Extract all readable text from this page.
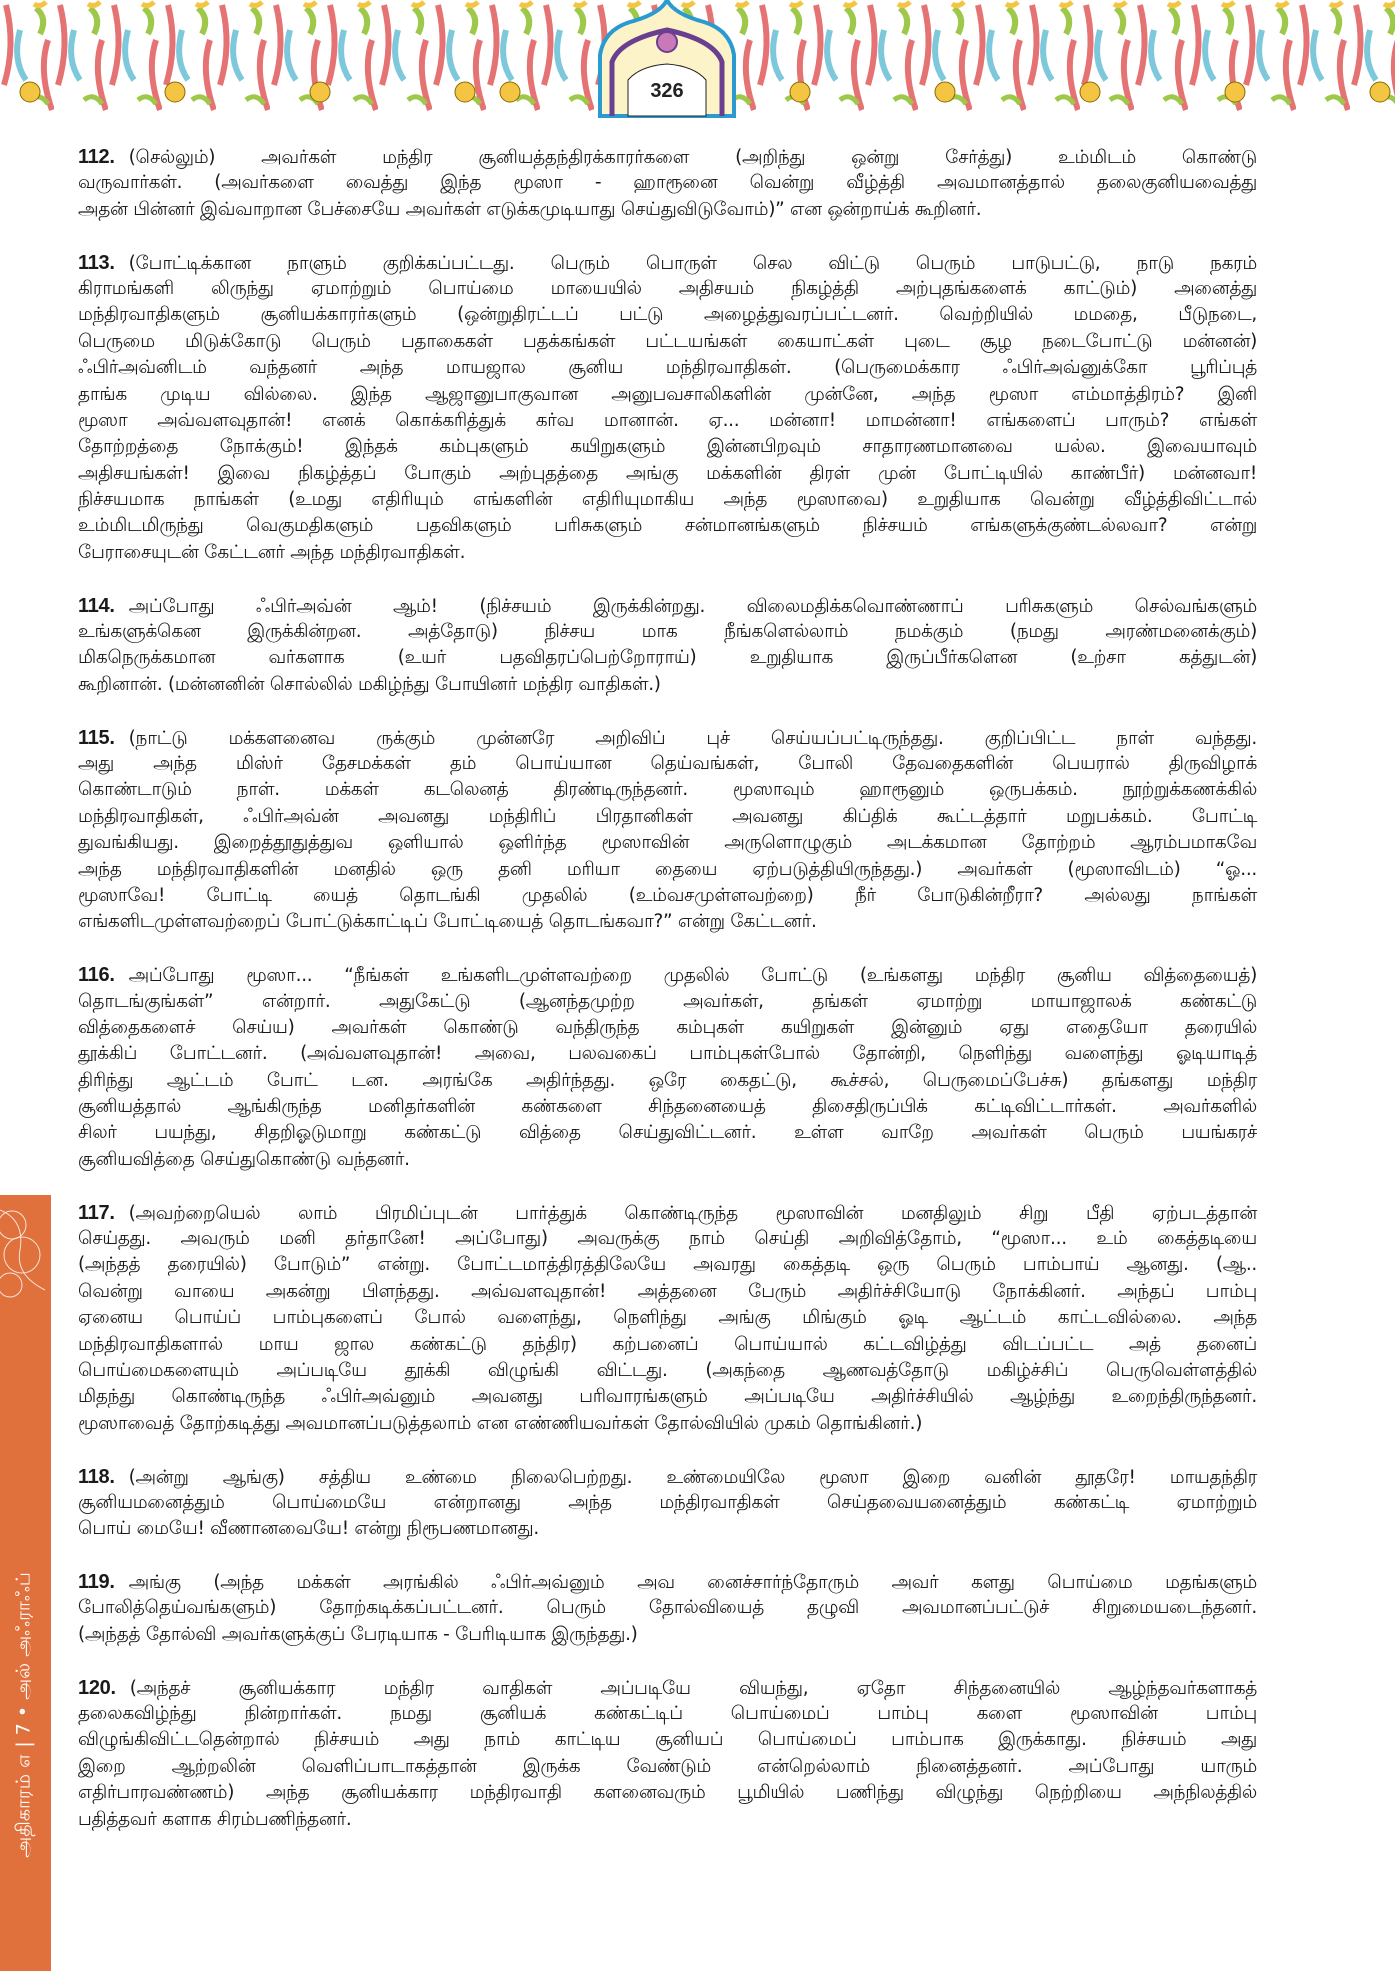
326
அதிகாரம் ௭ | 7 • அல் அஃராஃப்
112. (செல்லும்) அவர்கள் மந்திர சூனியத்தந்திரக்காரர்களை (அறிந்து ஒன்று சேர்த்து) உம்மிடம் கொண்டு
வருவார்கள். (அவர்களை வைத்து இந்த மூஸா - ஹாரூனை வென்று வீழ்த்தி அவமானத்தால் தலைகுனியவைத்து
அதன் பின்னர் இவ்வாறான பேச்சையே அவர்கள் எடுக்கமுடியாது செய்துவிடுவோம்)” என ஒன்றாய்க் கூறினர்.
113. (போட்டிக்கான நாளும் குறிக்கப்பட்டது. பெரும் பொருள் செல விட்டு பெரும் பாடுபட்டு, நாடு நகரம்
கிராமங்களி லிருந்து ஏமாற்றும் பொய்மை மாயையில் அதிசயம் நிகழ்த்தி அற்புதங்களைக் காட்டும்) அனைத்து
மந்திரவாதிகளும் சூனியக்காரர்களும் (ஒன்றுதிரட்டப் பட்டு அழைத்துவரப்பட்டனர். வெற்றியில் மமதை, பீடுநடை,
பெருமை மிடுக்கோடு பெரும் பதாகைகள் பதக்கங்கள் பட்டயங்கள் கையாட்கள் புடை சூழ நடைபோட்டு மன்னன்)
ஃபிர்அவ்னிடம் வந்தனர் அந்த மாயஜால சூனிய மந்திரவாதிகள். (பெருமைக்கார ஃபிர்அவ்னுக்கோ பூரிப்புத்
தாங்க முடிய வில்லை. இந்த ஆஜானுபாகுவான அனுபவசாலிகளின் முன்னே, அந்த மூஸா எம்மாத்திரம்? இனி
மூஸா அவ்வளவுதான்! எனக் கொக்கரித்துக் கர்வ மானான். ஏ... மன்னா! மாமன்னா! எங்களைப் பாரும்? எங்கள்
தோற்றத்தை நோக்கும்! இந்தக் கம்புகளும் கயிறுகளும் இன்னபிறவும் சாதாரணமானவை யல்ல. இவையாவும்
அதிசயங்கள்! இவை நிகழ்த்தப் போகும் அற்புதத்தை அங்கு மக்களின் திரள் முன் போட்டியில் காண்பீர்) மன்னவா!
நிச்சயமாக நாங்கள் (உமது எதிரியும் எங்களின் எதிரியுமாகிய அந்த மூஸாவை) உறுதியாக வென்று வீழ்த்திவிட்டால்
உம்மிடமிருந்து வெகுமதிகளும் பதவிகளும் பரிசுகளும் சன்மானங்களும் நிச்சயம் எங்களுக்குண்டல்லவா? என்று
பேராசையுடன் கேட்டனர் அந்த மந்திரவாதிகள்.
114. அப்போது ஃபிர்அவ்ன் ஆம்! (நிச்சயம் இருக்கின்றது. விலைமதிக்கவொண்ணாப் பரிசுகளும் செல்வங்களும்
உங்களுக்கென இருக்கின்றன. அத்தோடு) நிச்சய மாக நீங்களெல்லாம் நமக்கும் (நமது அரண்மனைக்கும்)
மிகநெருக்கமான வர்களாக (உயர் பதவிதரப்பெற்றோராய்) உறுதியாக இருப்பீர்களென (உற்சா கத்துடன்)
கூறினான். (மன்னனின் சொல்லில் மகிழ்ந்து போயினர் மந்திர வாதிகள்.)
115. (நாட்டு மக்களனைவ ருக்கும் முன்னரே அறிவிப் புச் செய்யப்பட்டிருந்தது. குறிப்பிட்ட நாள் வந்தது.
அது அந்த மிஸ்ர் தேசமக்கள் தம் பொய்யான தெய்வங்கள், போலி தேவதைகளின் பெயரால் திருவிழாக்
கொண்டாடும் நாள். மக்கள் கடலெனத் திரண்டிருந்தனர். மூஸாவும் ஹாரூனும் ஒருபக்கம். நூற்றுக்கணக்கில்
மந்திரவாதிகள், ஃபிர்அவ்ன் அவனது மந்திரிப் பிரதானிகள் அவனது கிப்திக் கூட்டத்தார் மறுபக்கம். போட்டி
துவங்கியது. இறைத்தூதுத்துவ ஒளியால் ஒளிர்ந்த மூஸாவின் அருளொழுகும் அடக்கமான தோற்றம் ஆரம்பமாகவே
அந்த மந்திரவாதிகளின் மனதில் ஒரு தனி மரியா தையை ஏற்படுத்தியிருந்தது.) அவர்கள் (மூஸாவிடம்) “ஓ...
மூஸாவே! போட்டி யைத் தொடங்கி முதலில் (உம்வசமுள்ளவற்றை) நீர் போடுகின்றீரா? அல்லது நாங்கள்
எங்களிடமுள்ளவற்றைப் போட்டுக்காட்டிப் போட்டியைத் தொடங்கவா?” என்று கேட்டனர்.
116. அப்போது மூஸா... “நீங்கள் உங்களிடமுள்ளவற்றை முதலில் போட்டு (உங்களது மந்திர சூனிய வித்தையைத்)
தொடங்குங்கள்” என்றார். அதுகேட்டு (ஆனந்தமுற்ற அவர்கள், தங்கள் ஏமாற்று மாயாஜாலக் கண்கட்டு
வித்தைகளைச் செய்ய) அவர்கள் கொண்டு வந்திருந்த கம்புகள் கயிறுகள் இன்னும் ஏது எதையோ தரையில்
தூக்கிப் போட்டனர். (அவ்வளவுதான்! அவை, பலவகைப் பாம்புகள்போல் தோன்றி, நெளிந்து வளைந்து ஓடியாடித்
திரிந்து ஆட்டம் போட் டன. அரங்கே அதிர்ந்தது. ஒரே கைதட்டு, கூச்சல், பெருமைப்பேச்சு) தங்களது மந்திர
சூனியத்தால் ஆங்கிருந்த மனிதர்களின் கண்களை சிந்தனையைத் திசைதிருப்பிக் கட்டிவிட்டார்கள். அவர்களில்
சிலர் பயந்து, சிதறிஓடுமாறு கண்கட்டு வித்தை செய்துவிட்டனர். உள்ள வாறே அவர்கள் பெரும் பயங்கரச்
சூனியவித்தை செய்துகொண்டு வந்தனர்.
117. (அவற்றையெல் லாம் பிரமிப்புடன் பார்த்துக் கொண்டிருந்த மூஸாவின் மனதிலும் சிறு பீதி ஏற்படத்தான்
செய்தது. அவரும் மனி தர்தானே! அப்போது) அவருக்கு நாம் செய்தி அறிவித்தோம், “மூஸா... உம் கைத்தடியை
(அந்தத் தரையில்) போடும்” என்று. போட்டமாத்திரத்திலேயே அவரது கைத்தடி ஒரு பெரும் பாம்பாய் ஆனது. (ஆ..
வென்று வாயை அகன்று பிளந்தது. அவ்வளவுதான்! அத்தனை பேரும் அதிர்ச்சியோடு நோக்கினர். அந்தப் பாம்பு
ஏனைய பொய்ப் பாம்புகளைப் போல் வளைந்து, நெளிந்து அங்கு மிங்கும் ஓடி ஆட்டம் காட்டவில்லை. அந்த
மந்திரவாதிகளால் மாய ஜால கண்கட்டு தந்திர) கற்பனைப் பொய்யால் கட்டவிழ்த்து விடப்பட்ட அத் தனைப்
பொய்மைகளையும் அப்படியே தூக்கி விழுங்கி விட்டது. (அகந்தை ஆணவத்தோடு மகிழ்ச்சிப் பெருவெள்ளத்தில்
மிதந்து கொண்டிருந்த ஃபிர்அவ்னும் அவனது பரிவாரங்களும் அப்படியே அதிர்ச்சியில் ஆழ்ந்து உறைந்திருந்தனர்.
மூஸாவைத் தோற்கடித்து அவமானப்படுத்தலாம் என எண்ணியவர்கள் தோல்வியில் முகம் தொங்கினர்.)
118. (அன்று ஆங்கு) சத்திய உண்மை நிலைபெற்றது. உண்மையிலே மூஸா இறை வனின் தூதரே! மாயதந்திர
சூனியமனைத்தும் பொய்மையே என்றானது அந்த மந்திரவாதிகள் செய்தவையனைத்தும் கண்கட்டி ஏமாற்றும்
பொய் மையே! வீணானவையே! என்று நிரூபணமானது.
119. அங்கு (அந்த மக்கள் அரங்கில் ஃபிர்அவ்னும் அவ னைச்சார்ந்தோரும் அவர் களது பொய்மை மதங்களும்
போலித்தெய்வங்களும்) தோற்கடிக்கப்பட்டனர். பெரும் தோல்வியைத் தழுவி அவமானப்பட்டுச் சிறுமையடைந்தனர்.
(அந்தத் தோல்வி அவர்களுக்குப் பேரடியாக - பேரிடியாக இருந்தது.)
120. (அந்தச் சூனியக்கார மந்திர வாதிகள் அப்படியே வியந்து, ஏதோ சிந்தனையில் ஆழ்ந்தவர்களாகத்
தலைகவிழ்ந்து நின்றார்கள். நமது சூனியக் கண்கட்டிப் பொய்மைப் பாம்பு களை மூஸாவின் பாம்பு
விழுங்கிவிட்டதென்றால் நிச்சயம் அது நாம் காட்டிய சூனியப் பொய்மைப் பாம்பாக இருக்காது. நிச்சயம் அது
இறை ஆற்றலின் வெளிப்பாடாகத்தான் இருக்க வேண்டும் என்றெல்லாம் நினைத்தனர். அப்போது யாரும்
எதிர்பாரவண்ணம்) அந்த சூனியக்கார மந்திரவாதி களனைவரும் பூமியில் பணிந்து விழுந்து நெற்றியை அந்நிலத்தில்
பதித்தவர் களாக சிரம்பணிந்தனர்.
